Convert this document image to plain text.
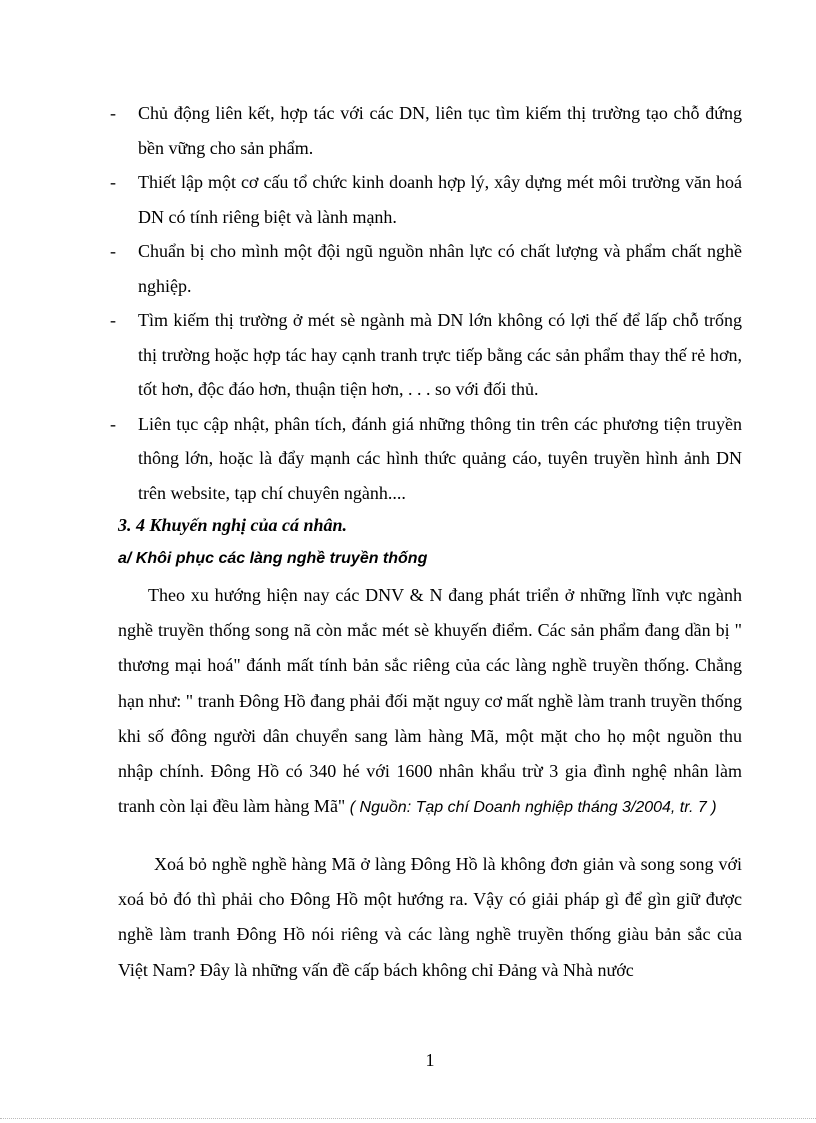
- Chủ động liên kết, hợp tác với các DN, liên tục tìm kiếm thị trường tạo chỗ đứng bền vững cho sản phẩm.
- Thiết lập một cơ cấu tổ chức kinh doanh hợp lý, xây dựng mét môi trường văn hoá DN có tính riêng biệt và lành mạnh.
- Chuẩn bị cho mình một đội ngũ nguồn nhân lực có chất lượng và phẩm chất nghề nghiệp.
- Tìm kiếm thị trường ở mét sè ngành mà DN lớn không có lợi thế để lấp chỗ trống thị trường hoặc hợp tác hay cạnh tranh trực tiếp bằng các sản phẩm thay thế rẻ hơn, tốt hơn, độc đáo hơn, thuận tiện hơn, . . . so với đối thủ.
- Liên tục cập nhật, phân tích, đánh giá những thông tin trên các phương tiện truyền thông lớn, hoặc là đẩy mạnh các hình thức quảng cáo, tuyên truyền hình ảnh DN trên website, tạp chí chuyên ngành....
3. 4 Khuyến nghị của cá nhân.
a/ Khôi phục các làng nghề truyền thống

Theo xu hướng hiện nay các DNV & N đang phát triển ở những lĩnh vực ngành nghề truyền thống song nã còn mắc mét sè khuyến điểm. Các sản phẩm đang dần bị " thương mại hoá" đánh mất tính bản sắc riêng của các làng nghề truyền thống. Chẳng hạn như: " tranh Đông Hồ đang phải đối mặt nguy cơ mất nghề làm tranh truyền thống khi số đông người dân chuyển sang làm hàng Mã, một mặt cho họ một nguồn thu nhập chính. Đông Hồ có 340 hé với 1600 nhân khẩu trừ 3 gia đình nghệ nhân làm tranh còn lại đều làm hàng Mã" ( Nguồn: Tạp chí Doanh nghiệp tháng 3/2004, tr. 7 )

Xoá bỏ nghề nghề hàng Mã ở làng Đông Hồ là không đơn giản và song song với xoá bỏ đó thì phải cho Đông Hồ một hướng ra. Vậy có giải pháp gì để gìn giữ được nghề làm tranh Đông Hồ nói riêng và các làng nghề truyền thống giàu bản sắc của Việt Nam? Đây là những vấn đề cấp bách không chỉ Đảng và Nhà nước

1
